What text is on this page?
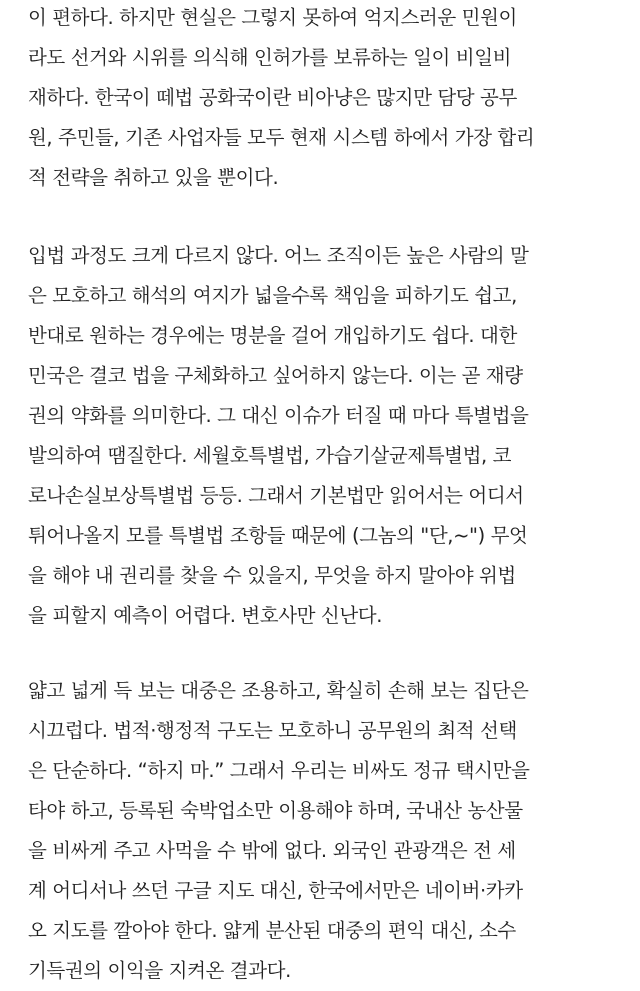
이 편하다. 하지만 현실은 그렇지 못하여 억지스러운 민원이
라도 선거와 시위를 의식해 인허가를 보류하는 일이 비일비
재하다. 한국이 떼법 공화국이란 비아냥은 많지만 담당 공무
원, 주민들, 기존 사업자들 모두 현재 시스템 하에서 가장 합리
적 전략을 취하고 있을 뿐이다.
입법 과정도 크게 다르지 않다. 어느 조직이든 높은 사람의 말
은 모호하고 해석의 여지가 넓을수록 책임을 피하기도 쉽고,
반대로 원하는 경우에는 명분을 걸어 개입하기도 쉽다. 대한
민국은 결코 법을 구체화하고 싶어하지 않는다. 이는 곧 재량
권의 약화를 의미한다. 그 대신 이슈가 터질 때 마다 특별법을
발의하여 땜질한다. 세월호특별법, 가습기살균제특별법, 코
로나손실보상특별법 등등. 그래서 기본법만 읽어서는 어디서
튀어나올지 모를 특별법 조항들 때문에 (그놈의 "단,~") 무엇
을 해야 내 권리를 찾을 수 있을지, 무엇을 하지 말아야 위법
을 피할지 예측이 어렵다. 변호사만 신난다.
얇고 넓게 득 보는 대중은 조용하고, 확실히 손해 보는 집단은
시끄럽다. 법적·행정적 구도는 모호하니 공무원의 최적 선택
은 단순하다. “하지 마.” 그래서 우리는 비싸도 정규 택시만을
타야 하고, 등록된 숙박업소만 이용해야 하며, 국내산 농산물
을 비싸게 주고 사먹을 수 밖에 없다. 외국인 관광객은 전 세
계 어디서나 쓰던 구글 지도 대신, 한국에서만은 네이버·카카
오 지도를 깔아야 한다. 얇게 분산된 대중의 편익 대신, 소수
기득권의 이익을 지켜온 결과다.
